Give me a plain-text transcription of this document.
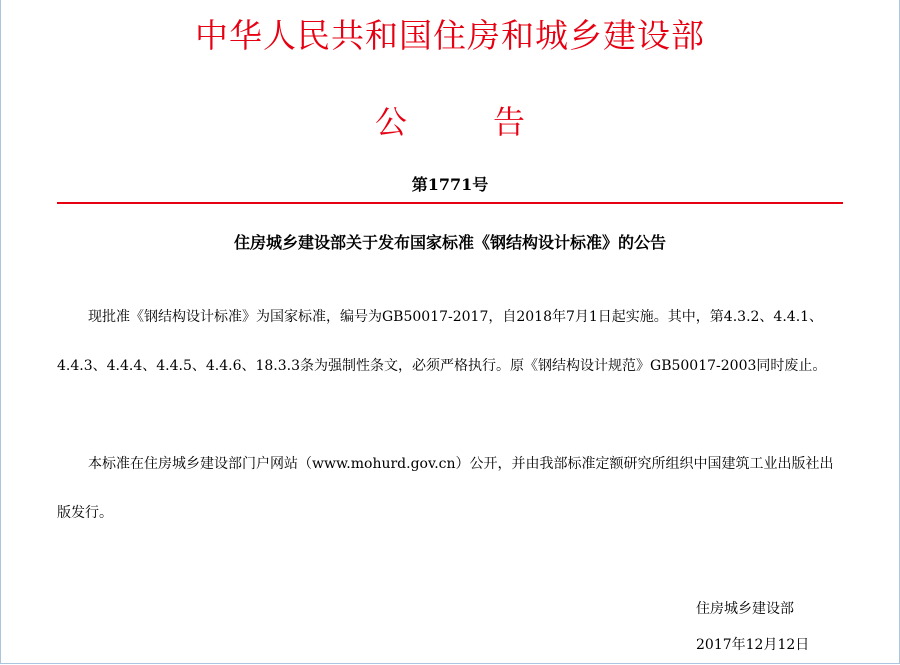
中华人民共和国住房和城乡建设部
公	告
第1771号
住房城乡建设部关于发布国家标准《钢结构设计标准》的公告

现批准《钢结构设计标准》为国家标准，编号为GB50017-2017，自2018年7月1日起实施。其中，第4.3.2、4.4.1、4.4.3、4.4.4、4.4.5、4.4.6、18.3.3条为强制性条文，必须严格执行。原《钢结构设计规范》GB50017-2003同时废止。

本标准在住房城乡建设部门户网站（www.mohurd.gov.cn）公开，并由我部标准定额研究所组织中国建筑工业出版社出版发行。

住房城乡建设部
2017年12月12日
